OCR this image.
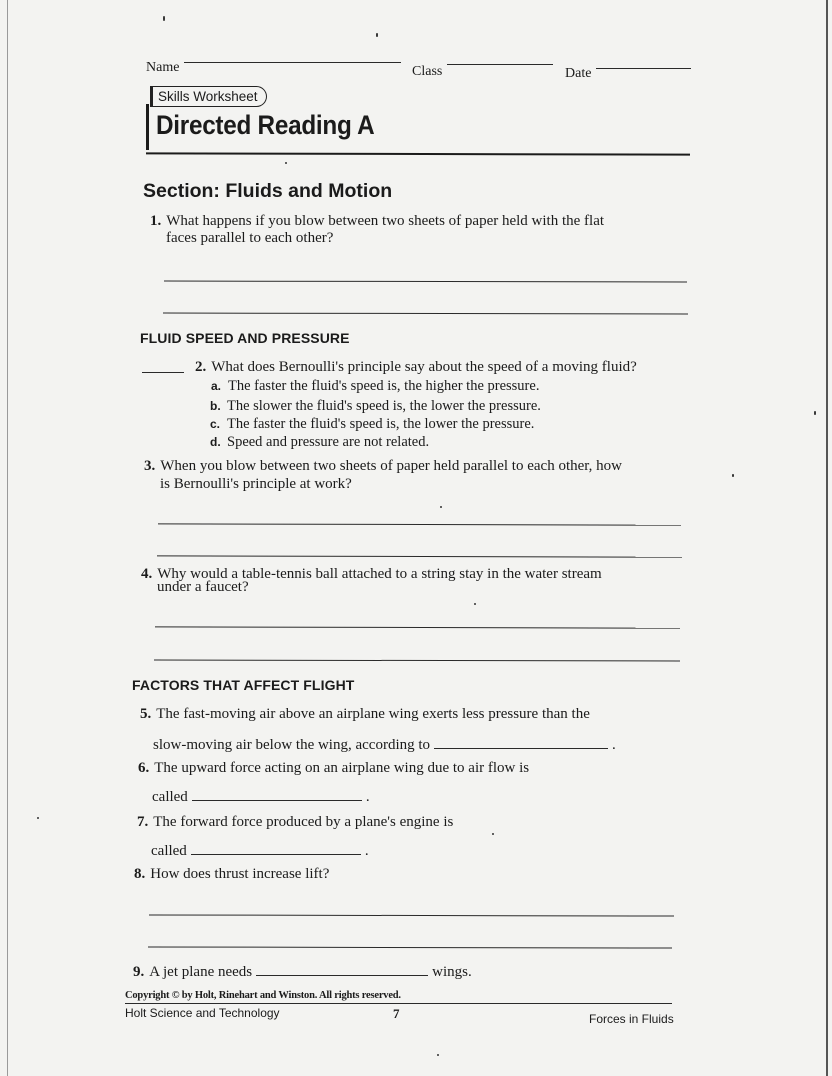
Name	Class	Date
Skills Worksheet
Directed Reading A
Section: Fluids and Motion
1. What happens if you blow between two sheets of paper held with the flat
faces parallel to each other?
FLUID SPEED AND PRESSURE
2. What does Bernoulli's principle say about the speed of a moving fluid?
a. The faster the fluid's speed is, the higher the pressure.
b. The slower the fluid's speed is, the lower the pressure.
c. The faster the fluid's speed is, the lower the pressure.
d. Speed and pressure are not related.
3. When you blow between two sheets of paper held parallel to each other, how
is Bernoulli's principle at work?
4. Why would a table-tennis ball attached to a string stay in the water stream
under a faucet?
FACTORS THAT AFFECT FLIGHT
5. The fast-moving air above an airplane wing exerts less pressure than the
slow-moving air below the wing, according to	.
6. The upward force acting on an airplane wing due to air flow is
called	.
7. The forward force produced by a plane's engine is
called	.
8. How does thrust increase lift?
9. A jet plane needs	wings.
Copyright © by Holt, Rinehart and Winston. All rights reserved.
Holt Science and Technology	7	Forces in Fluids
